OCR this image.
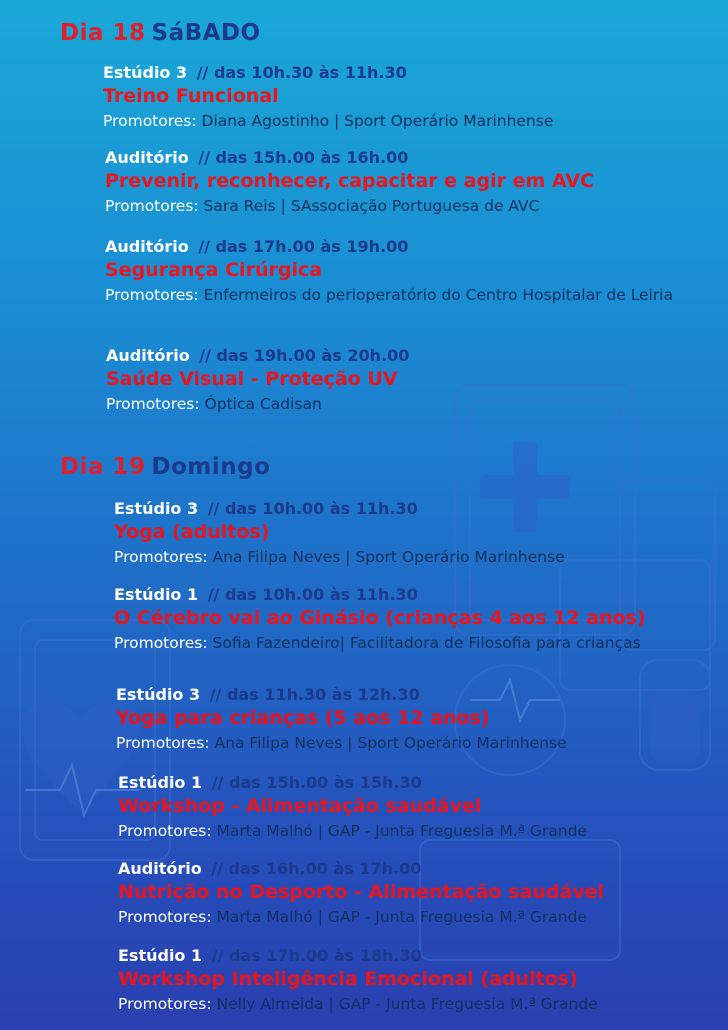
Dia 18 SáBADO
Estúdio 3 // das 10h.30 às 11h.30
Treino Funcional
Promotores: Diana Agostinho | Sport Operário Marinhense
Auditório // das 15h.00 às 16h.00
Prevenir, reconhecer, capacitar e agir em AVC
Promotores: Sara Reis | SAssociação Portuguesa de AVC
Auditório // das 17h.00 às 19h.00
Segurança Cirúrgica
Promotores: Enfermeiros do perioperatório do Centro Hospitalar de Leiria
Auditório // das 19h.00 às 20h.00
Saúde Visual - Proteção UV
Promotores: Óptica Cadisan
Dia 19 Domingo
Estúdio 3 // das 10h.00 às 11h.30
Yoga (adultos)
Promotores: Ana Filipa Neves | Sport Operário Marinhense
Estúdio 1 // das 10h.00 às 11h.30
O Cérebro vai ao Ginásio (crianças 4 aos 12 anos)
Promotores: Sofia Fazendeiro| Facilitadora de Filosofia para crianças
Estúdio 3 // das 11h.30 às 12h.30
Yoga para crianças (5 aos 12 anos)
Promotores: Ana Filipa Neves | Sport Operário Marinhense
Estúdio 1 // das 15h.00 às 15h.30
Workshop - Alimentação saudável
Promotores: Marta Malhó | GAP - Junta Freguesia M.ª Grande
Auditório // das 16h.00 às 17h.00
Nutrição no Desporto - Alimentação saudável
Promotores: Marta Malhó | GAP - Junta Freguesia M.ª Grande
Estúdio 1 // das 17h.00 às 18h.30
Workshop Inteligência Emocional (adultos)
Promotores: Nelly Almeida | GAP - Junta Freguesia M.ª Grande
